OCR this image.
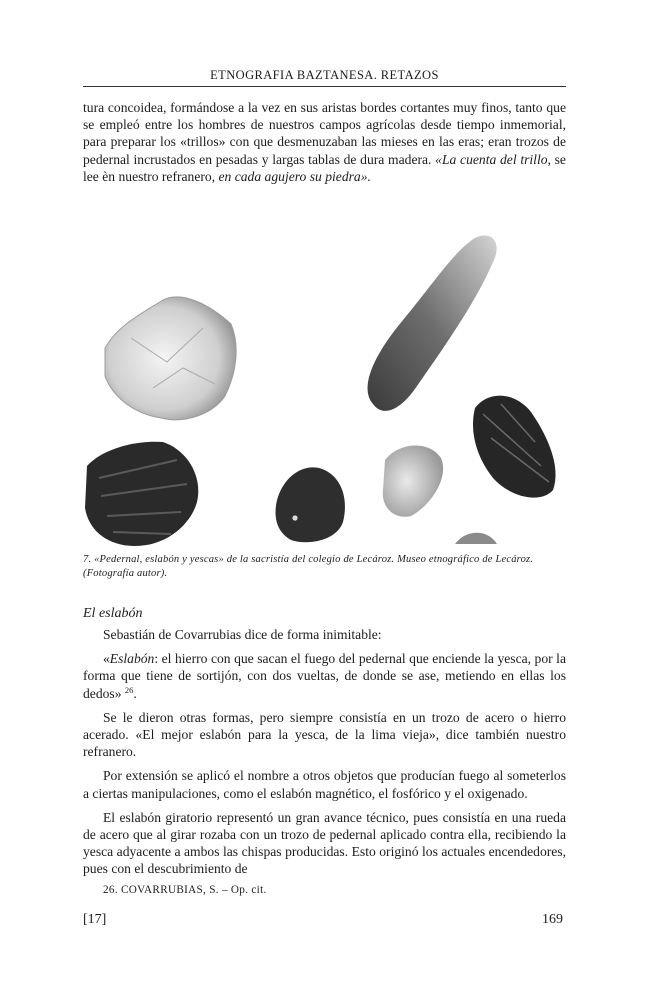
ETNOGRAFIA BAZTANESA. RETAZOS

tura concoidea, formándose a la vez en sus aristas bordes cortantes muy finos, tanto que se empleó entre los hombres de nuestros campos agrícolas desde tiempo inmemorial, para preparar los «trillos» con que desmenuzaban las mieses en las eras; eran trozos de pedernal incrustados en pesadas y largas tablas de dura madera. «La cuenta del trillo, se lee èn nuestro refranero, en cada agujero su piedra».

7. «Pedernal, eslabón y yescas» de la sacristía del colegio de Lecároz. Museo etnográfico de Lecároz. (Fotografía autor).
El eslabón

Sebastián de Covarrubias dice de forma inimitable:

«Eslabón: el hierro con que sacan el fuego del pedernal que enciende la yesca, por la forma que tiene de sortijón, con dos vueltas, de donde se ase, metiendo en ellas los dedos» $^{26}$.

Se le dieron otras formas, pero siempre consistía en un trozo de acero o hierro acerado. «El mejor eslabón para la yesca, de la lima vieja», dice también nuestro refranero.

Por extensión se aplicó el nombre a otros objetos que producían fuego al someterlos a ciertas manipulaciones, como el eslabón magnético, el fosfórico y el oxigenado.

El eslabón giratorio representó un gran avance técnico, pues consistía en una rueda de acero que al girar rozaba con un trozo de pedernal aplicado contra ella, recibiendo la yesca adyacente a ambos las chispas producidas. Esto originó los actuales encendedores, pues con el descubrimiento de

26. COVARRUBIAS, S. – Op. cit.
[17]	169
